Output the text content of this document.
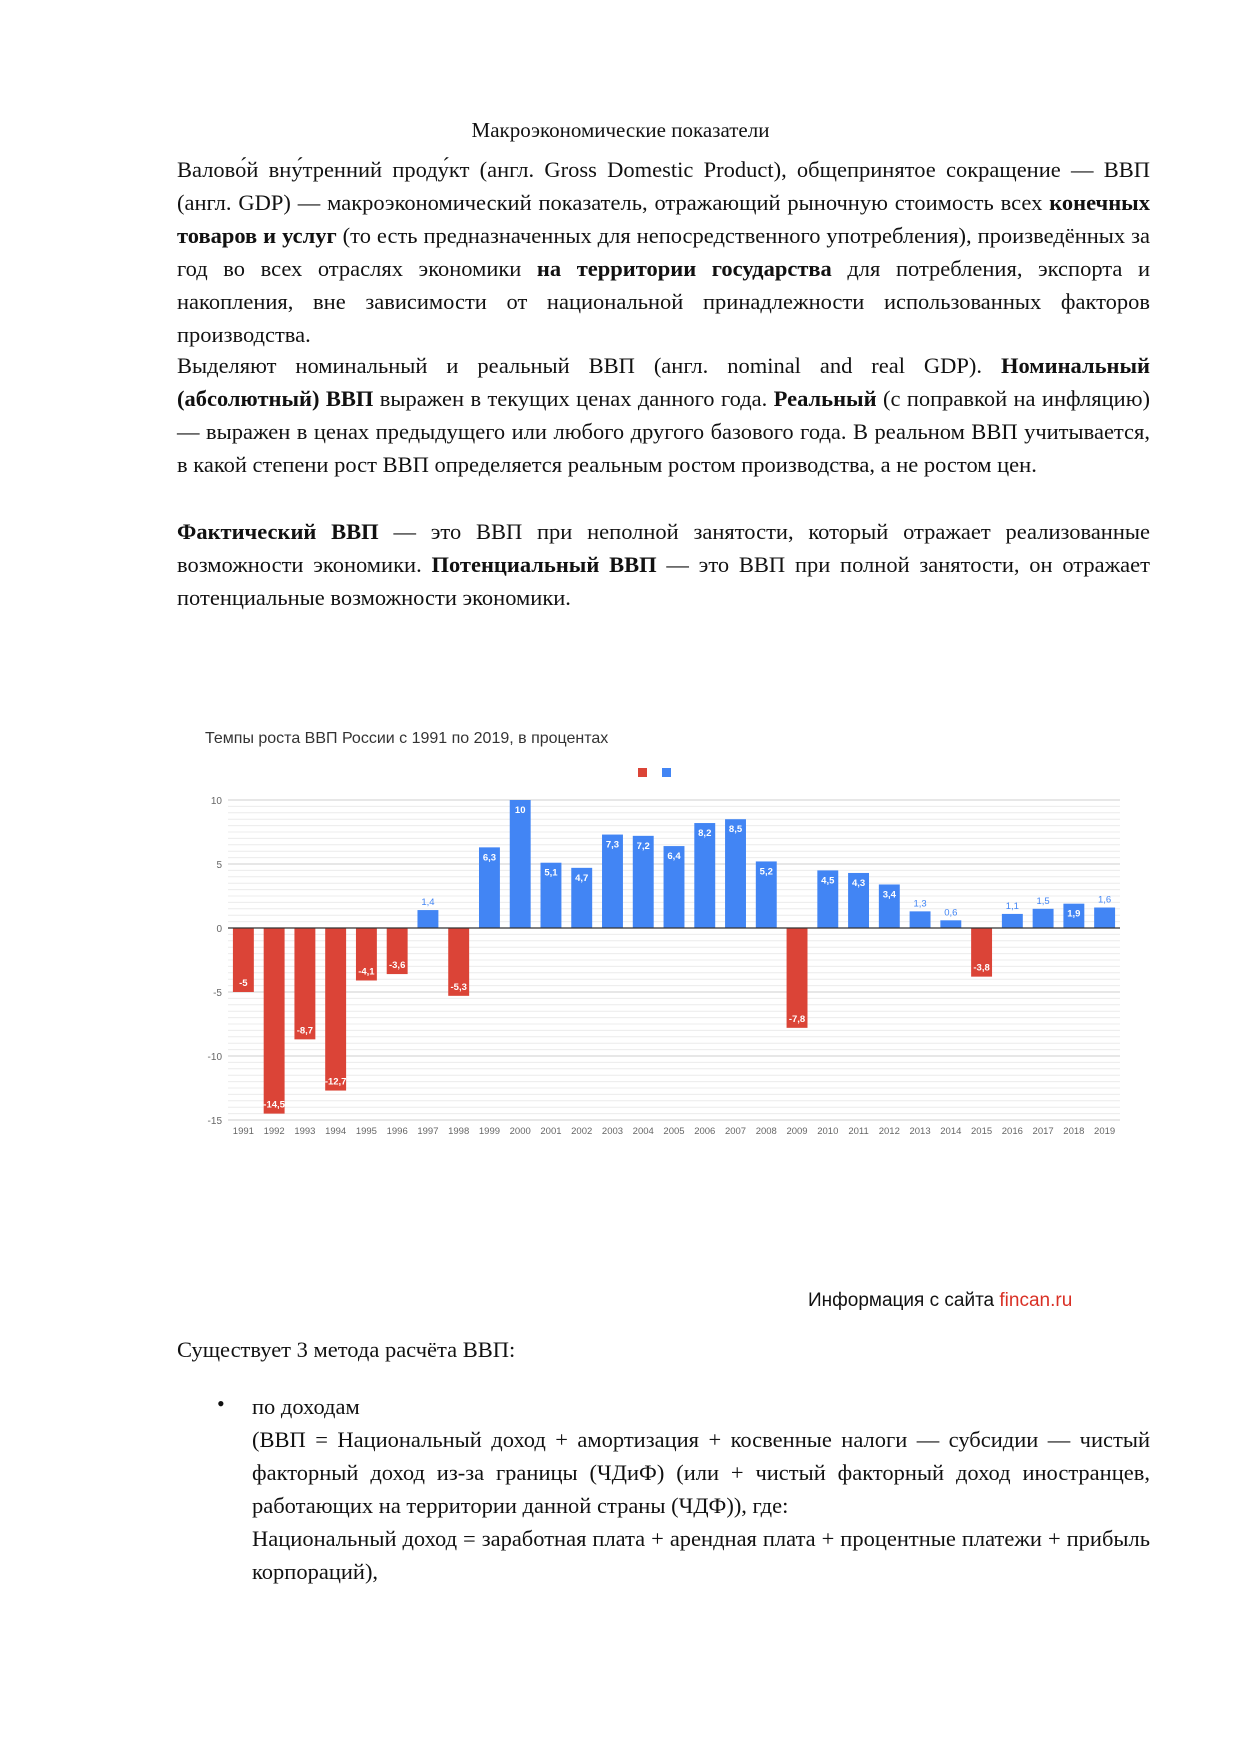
Макроэкономические показатели

Валово́й вну́тренний проду́кт (англ. Gross Domestic Product), общепринятое сокращение — ВВП (англ. GDP) — макроэкономический показатель, отражающий рыночную стоимость всех конечных товаров и услуг (то есть предназначенных для непосредственного употребления), произведённых за год во всех отраслях экономики на территории государства для потребления, экспорта и накопления, вне зависимости от национальной принадлежности использованных факторов производства.

Выделяют номинальный и реальный ВВП (англ. nominal and real GDP). Номинальный (абсолютный) ВВП выражен в текущих ценах данного года. Реальный (с поправкой на инфляцию) — выражен в ценах предыдущего или любого другого базового года. В реальном ВВП учитывается, в какой степени рост ВВП определяется реальным ростом производства, а не ростом цен.

Фактический ВВП — это ВВП при неполной занятости, который отражает реализованные возможности экономики. Потенциальный ВВП — это ВВП при полной занятости, он отражает потенциальные возможности экономики.

Темпы роста ВВП России с 1991 по 2019, в процентах
10
5
0
-5
-10
-15
-5
1991
-14,5
1992
-8,7
1993
-12,7
1994
-4,1
1995
-3,6
1996
1,4
1997
-5,3
1998
6,3
1999
10
2000
5,1
2001
4,7
2002
7,3
2003
7,2
2004
6,4
2005
8,2
2006
8,5
2007
5,2
2008
-7,8
2009
4,5
2010
4,3
2011
3,4
2012
1,3
2013
0,6
2014
-3,8
2015
1,1
2016
1,5
2017
1,9
2018
1,6
2019
Информация с сайта fincan.ru
Существует 3 метода расчёта ВВП:
• по доходам
(ВВП = Национальный доход + амортизация + косвенные налоги — субсидии — чистый факторный доход из-за границы (ЧДиФ) (или + чистый факторный доход иностранцев, работающих на территории данной страны (ЧДФ)), где:
Национальный доход = заработная плата + арендная плата + процентные платежи + прибыль корпораций),
